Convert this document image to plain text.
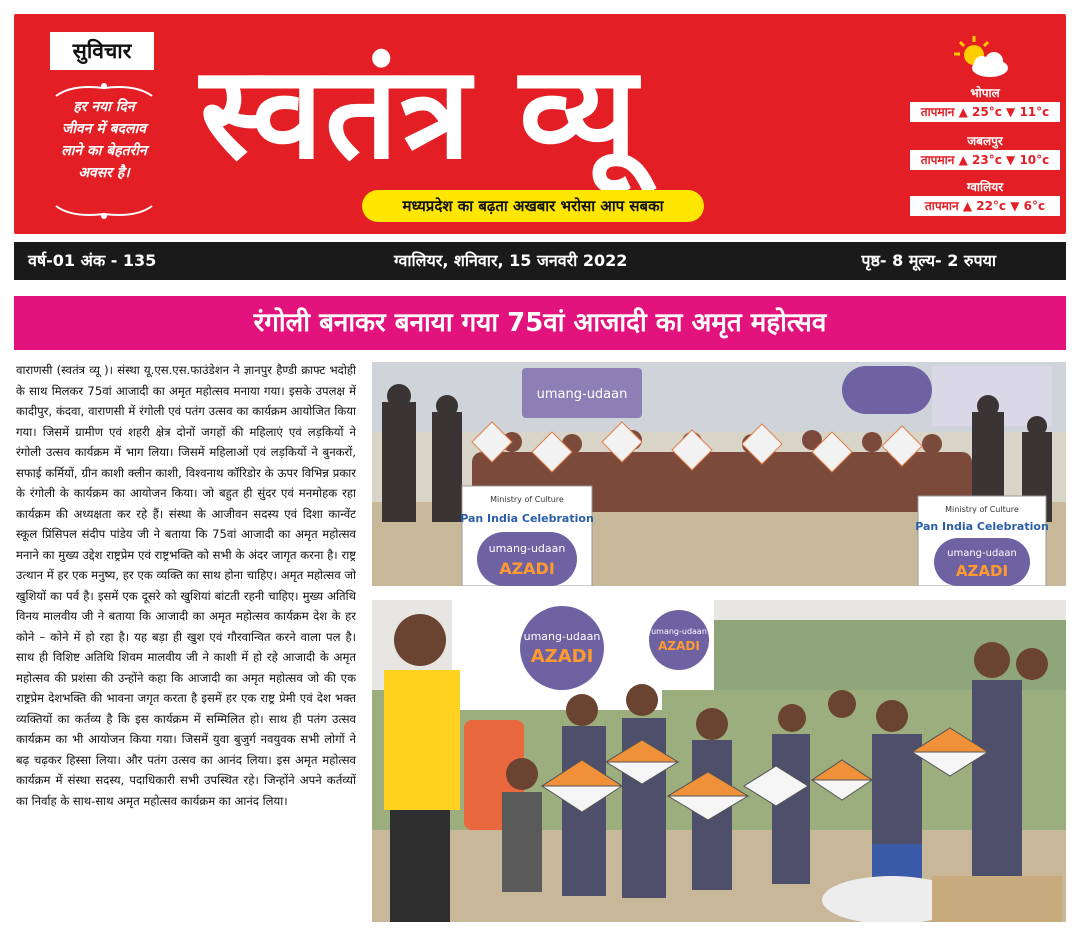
सुविचार
हर नया दिन
जीवन में बदलाव
लाने का बेहतरीन
अवसर है। स्वतंत्र व्यू
मध्यप्रदेश का बढ़ता अखबार भरोसा आप सबका
भोपाल
तापमान ▲ 25°c ▼ 11°c
जबलपुर
तापमान ▲ 23°c ▼ 10°c
ग्वालियर
तापमान ▲ 22°c ▼ 6°c
वर्ष-01 अंक - 135	ग्वालियर, शनिवार, 15 जनवरी 2022	पृष्ठ- 8 मूल्य- 2 रुपया
रंगोली बनाकर बनाया गया 75वां आजादी का अमृत महोत्सव
वाराणसी (स्वतंत्र व्यू )। संस्था यू.एस.एस.फाउंडेशन ने ज्ञानपुर हैण्डी क्राफ्ट भदोही के साथ मिलकर 75वां आजादी का अमृत महोत्सव मनाया गया। इसके उपलक्ष में कादीपुर, कंदवा, वाराणसी में रंगोली एवं पतंग उत्सव का कार्यक्रम आयोजित किया गया। जिसमें ग्रामीण एवं शहरी क्षेत्र दोनों जगहों की महिलाएं एवं लड़कियों ने रंगोली उत्सव कार्यक्रम में भाग लिया। जिसमें महिलाओं एवं लड़कियों ने बुनकरों, सफाई कर्मियों, ग्रीन काशी क्लीन काशी, विश्वनाथ कॉरिडोर के ऊपर विभिन्न प्रकार के रंगोली के कार्यक्रम का आयोजन किया। जो बहुत ही सुंदर एवं मनमोहक रहा कार्यक्रम की अध्यक्षता कर रहे हैं। संस्था के आजीवन सदस्य एवं दिशा कान्वेंट स्कूल प्रिंसिपल संदीप पांडेय जी ने बताया कि 75वां आजादी का अमृत महोत्सव मनाने का मुख्य उद्देश राष्ट्रप्रेम एवं राष्ट्रभक्ति को सभी के अंदर जागृत करना है। राष्ट्र उत्थान में हर एक मनुष्य, हर एक व्यक्ति का साथ होना चाहिए। अमृत महोत्सव जो खुशियों का पर्व है। इसमें एक दूसरे को खुशियां बांटती रहनी चाहिए। मुख्य अतिथि विनय मालवीय जी ने बताया कि आजादी का अमृत महोत्सव कार्यक्रम देश के हर कोने – कोने में हो रहा है। यह बड़ा ही खुश एवं गौरवान्वित करने वाला पल है। साथ ही विशिष्ट अतिथि शिवम मालवीय जी ने काशी में हो रहे आजादी के अमृत महोत्सव की प्रशंसा की उन्होंने कहा कि आजादी का अमृत महोत्सव जो की एक राष्ट्रप्रेम देशभक्ति की भावना जगृत करता है इसमें हर एक राष्ट्र प्रेमी एवं देश भक्त व्यक्तियों का कर्तव्य है कि इस कार्यक्रम में सम्मिलित हो। साथ ही पतंग उत्सव कार्यक्रम का भी आयोजन किया गया। जिसमें युवा बुजुर्ग नवयुवक सभी लोगों ने बढ़ चढ़कर हिस्सा लिया। और पतंग उत्सव का आनंद लिया। इस अमृत महोत्सव कार्यक्रम में संस्था सदस्य, पदाधिकारी सभी उपस्थित रहे। जिन्होंने अपने कर्तव्यों का निर्वाह के साथ-साथ अमृत महोत्सव कार्यक्रम का आनंद लिया।
umang-udaan
Ministry of Culture
Pan India Celebration
umang-udaan
AZADI
Ministry of Culture
Pan India Celebration
umang-udaan
AZADI
umang-udaan
AZADI
umang-udaan
AZADI
